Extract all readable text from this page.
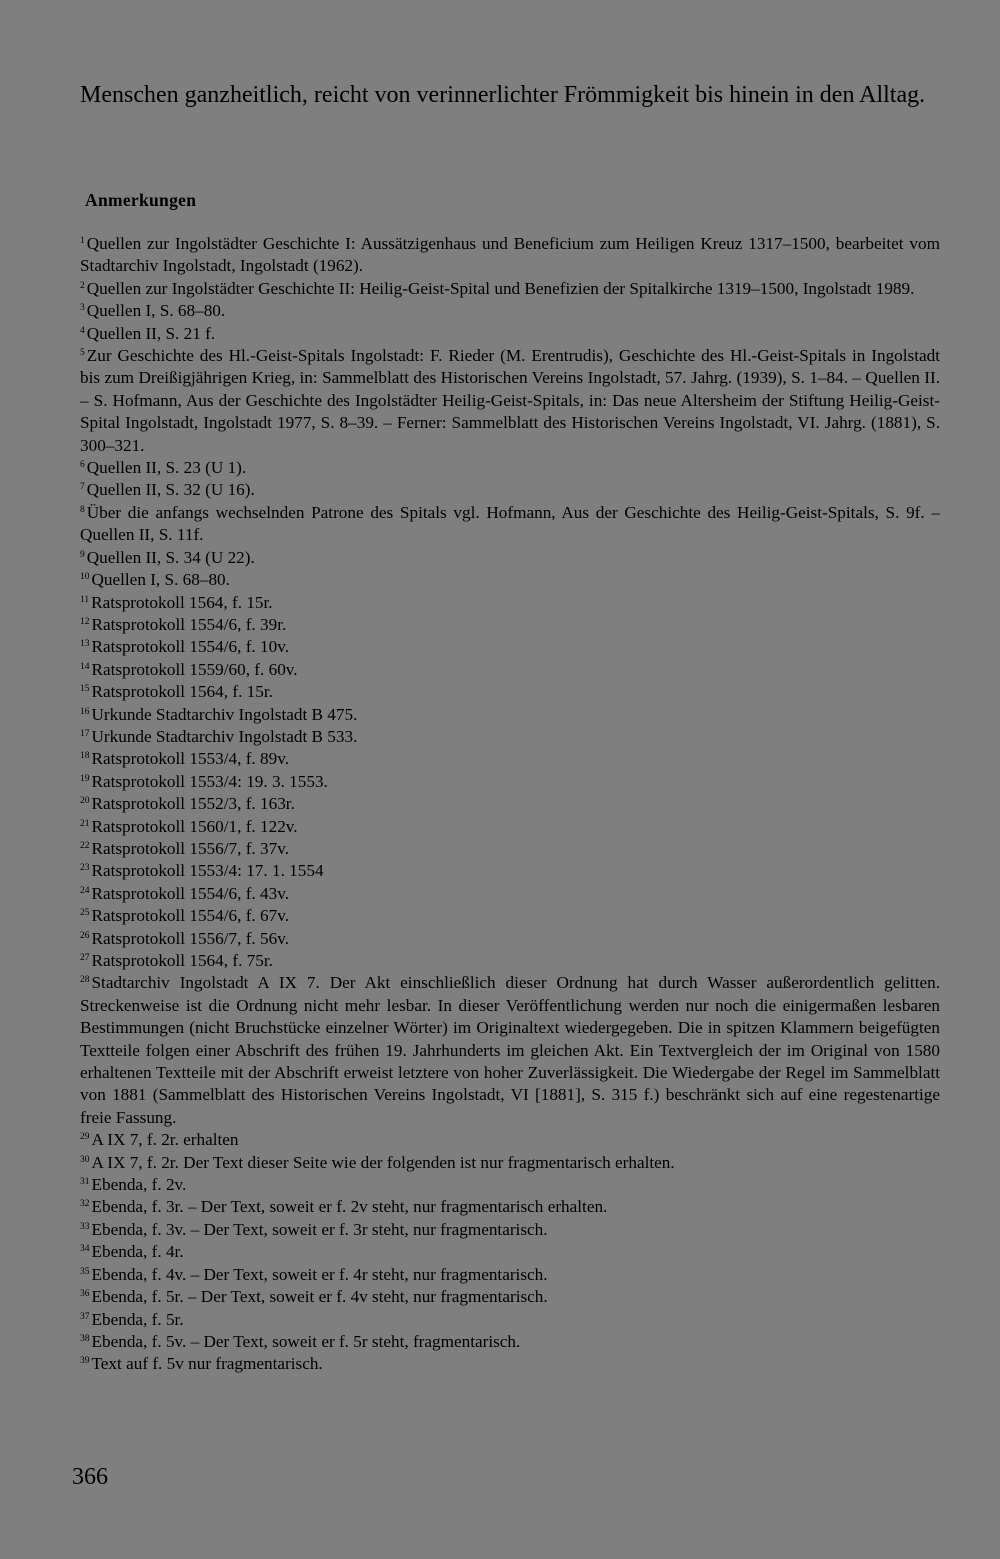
Menschen ganzheitlich, reicht von verinnerlichter Frömmigkeit bis hinein in den Alltag.

Anmerkungen
$^1$ Quellen zur Ingolstädter Geschichte I: Aussätzigenhaus und Beneficium zum Heiligen Kreuz 1317–1500, bearbeitet vom Stadtarchiv Ingolstadt, Ingolstadt (1962).
$^2$ Quellen zur Ingolstädter Geschichte II: Heilig-Geist-Spital und Benefizien der Spitalkirche 1319–1500, Ingolstadt 1989.
$^3$ Quellen I, S. 68–80.
$^4$ Quellen II, S. 21 f.
$^5$ Zur Geschichte des Hl.-Geist-Spitals Ingolstadt: F. Rieder (M. Erentrudis), Geschichte des Hl.-Geist-Spitals in Ingolstadt bis zum Dreißigjährigen Krieg, in: Sammelblatt des Historischen Vereins Ingolstadt, 57. Jahrg. (1939), S. 1–84. – Quellen II. – S. Hofmann, Aus der Geschichte des Ingolstädter Heilig-Geist-Spitals, in: Das neue Altersheim der Stiftung Heilig-Geist-Spital Ingolstadt, Ingolstadt 1977, S. 8–39. – Ferner: Sammelblatt des Historischen Vereins Ingolstadt, VI. Jahrg. (1881), S. 300–321.
$^6$ Quellen II, S. 23 (U 1).
$^7$ Quellen II, S. 32 (U 16).
$^8$ Über die anfangs wechselnden Patrone des Spitals vgl. Hofmann, Aus der Geschichte des Heilig-Geist-Spitals, S. 9f. – Quellen II, S. 11f.
$^9$ Quellen II, S. 34 (U 22).
$^{10}$ Quellen I, S. 68–80.
$^{11}$ Ratsprotokoll 1564, f. 15r.
$^{12}$ Ratsprotokoll 1554/6, f. 39r.
$^{13}$ Ratsprotokoll 1554/6, f. 10v.
$^{14}$ Ratsprotokoll 1559/60, f. 60v.
$^{15}$ Ratsprotokoll 1564, f. 15r.
$^{16}$ Urkunde Stadtarchiv Ingolstadt B 475.
$^{17}$ Urkunde Stadtarchiv Ingolstadt B 533.
$^{18}$ Ratsprotokoll 1553/4, f. 89v.
$^{19}$ Ratsprotokoll 1553/4: 19. 3. 1553.
$^{20}$ Ratsprotokoll 1552/3, f. 163r.
$^{21}$ Ratsprotokoll 1560/1, f. 122v.
$^{22}$ Ratsprotokoll 1556/7, f. 37v.
$^{23}$ Ratsprotokoll 1553/4: 17. 1. 1554
$^{24}$ Ratsprotokoll 1554/6, f. 43v.
$^{25}$ Ratsprotokoll 1554/6, f. 67v.
$^{26}$ Ratsprotokoll 1556/7, f. 56v.
$^{27}$ Ratsprotokoll 1564, f. 75r.
$^{28}$ Stadtarchiv Ingolstadt A IX 7. Der Akt einschließlich dieser Ordnung hat durch Wasser außerordentlich gelitten. Streckenweise ist die Ordnung nicht mehr lesbar. In dieser Veröffentlichung werden nur noch die einigermaßen lesbaren Bestimmungen (nicht Bruchstücke einzelner Wörter) im Originaltext wiedergegeben. Die in spitzen Klammern beigefügten Textteile folgen einer Abschrift des frühen 19. Jahrhunderts im gleichen Akt. Ein Textvergleich der im Original von 1580 erhaltenen Textteile mit der Abschrift erweist letztere von hoher Zuverlässigkeit. Die Wiedergabe der Regel im Sammelblatt von 1881 (Sammelblatt des Historischen Vereins Ingolstadt, VI [1881], S. 315 f.) beschränkt sich auf eine regestenartige freie Fassung.
$^{29}$ A IX 7, f. 2r. erhalten
$^{30}$ A IX 7, f. 2r. Der Text dieser Seite wie der folgenden ist nur fragmentarisch erhalten.
$^{31}$ Ebenda, f. 2v.
$^{32}$ Ebenda, f. 3r. – Der Text, soweit er f. 2v steht, nur fragmentarisch erhalten.
$^{33}$ Ebenda, f. 3v. – Der Text, soweit er f. 3r steht, nur fragmentarisch.
$^{34}$ Ebenda, f. 4r.
$^{35}$ Ebenda, f. 4v. – Der Text, soweit er f. 4r steht, nur fragmentarisch.
$^{36}$ Ebenda, f. 5r. – Der Text, soweit er f. 4v steht, nur fragmentarisch.
$^{37}$ Ebenda, f. 5r.
$^{38}$ Ebenda, f. 5v. – Der Text, soweit er f. 5r steht, fragmentarisch.
$^{39}$ Text auf f. 5v nur fragmentarisch.
366
